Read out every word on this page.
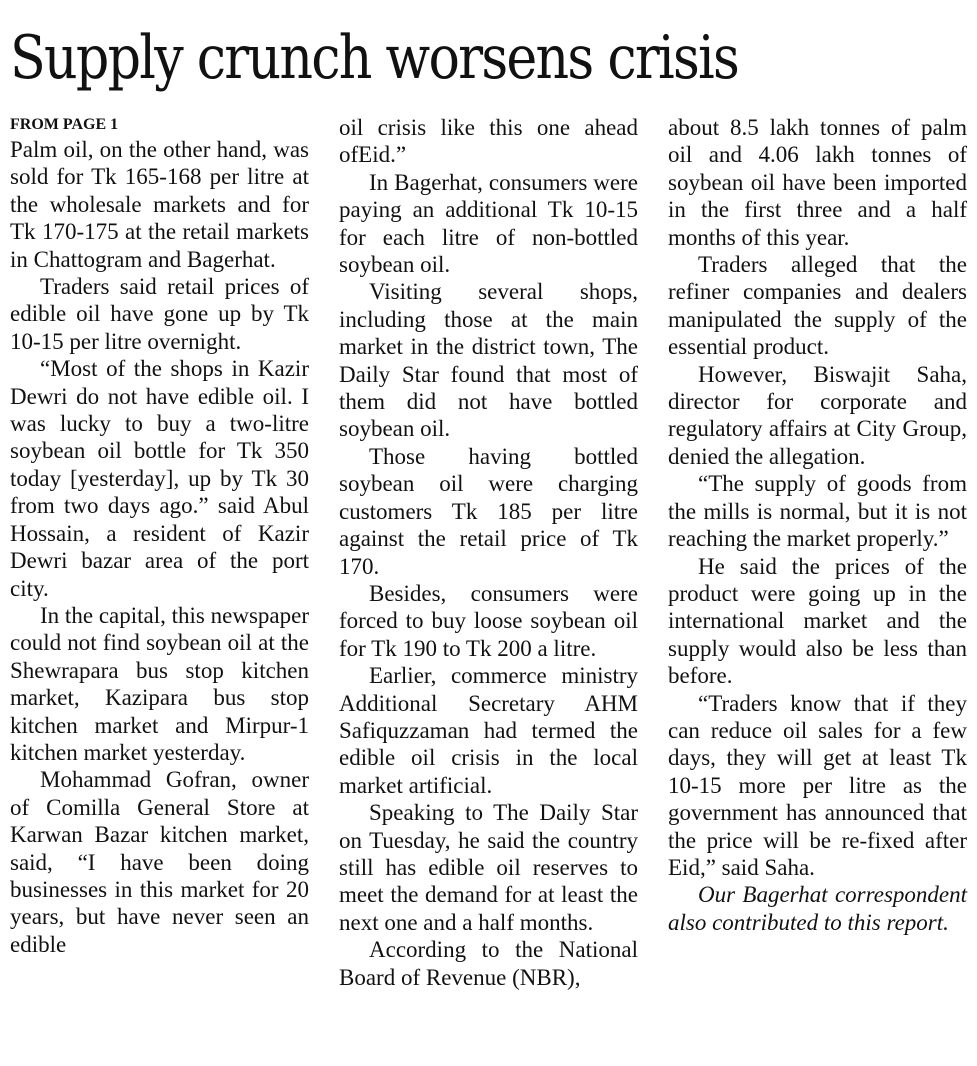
Supply crunch worsens crisis
FROM PAGE 1

Palm oil, on the other hand, was sold for Tk 165-168 per litre at the wholesale markets and for Tk 170-175 at the retail markets in Chattogram and Bagerhat.

Traders said retail prices of edible oil have gone up by Tk 10-15 per litre overnight.

“Most of the shops in Kazir Dewri do not have edible oil. I was lucky to buy a two-litre soybean oil bottle for Tk 350 today [yesterday], up by Tk 30 from two days ago.” said Abul Hossain, a resident of Kazir Dewri bazar area of the port city.

In the capital, this newspaper could not find soybean oil at the Shewrapara bus stop kitchen market, Kazipara bus stop kitchen market and Mirpur-1 kitchen market yesterday.

Mohammad Gofran, owner of Comilla General Store at Karwan Bazar kitchen market, said, “I have been doing businesses in this market for 20 years, but have never seen an edible

oil crisis like this one ahead ofEid.”

In Bagerhat, consumers were paying an additional Tk 10-15 for each litre of non-bottled soybean oil.

Visiting several shops, including those at the main market in the district town, The Daily Star found that most of them did not have bottled soybean oil.

Those having bottled soybean oil were charging customers Tk 185 per litre against the retail price of Tk 170.

Besides, consumers were forced to buy loose soybean oil for Tk 190 to Tk 200 a litre.

Earlier, commerce ministry Additional Secretary AHM Safiquzzaman had termed the edible oil crisis in the local market artificial.

Speaking to The Daily Star on Tuesday, he said the country still has edible oil reserves to meet the demand for at least the next one and a half months.

According to the National Board of Revenue (NBR),

about 8.5 lakh tonnes of palm oil and 4.06 lakh tonnes of soybean oil have been imported in the first three and a half months of this year.

Traders alleged that the refiner companies and dealers manipulated the supply of the essential product.

However, Biswajit Saha, director for corporate and regulatory affairs at City Group, denied the allegation.

“The supply of goods from the mills is normal, but it is not reaching the market properly.”

He said the prices of the product were going up in the international market and the supply would also be less than before.

“Traders know that if they can reduce oil sales for a few days, they will get at least Tk 10-15 more per litre as the government has announced that the price will be re-fixed after Eid,” said Saha.

Our Bagerhat correspondent also contributed to this report.
